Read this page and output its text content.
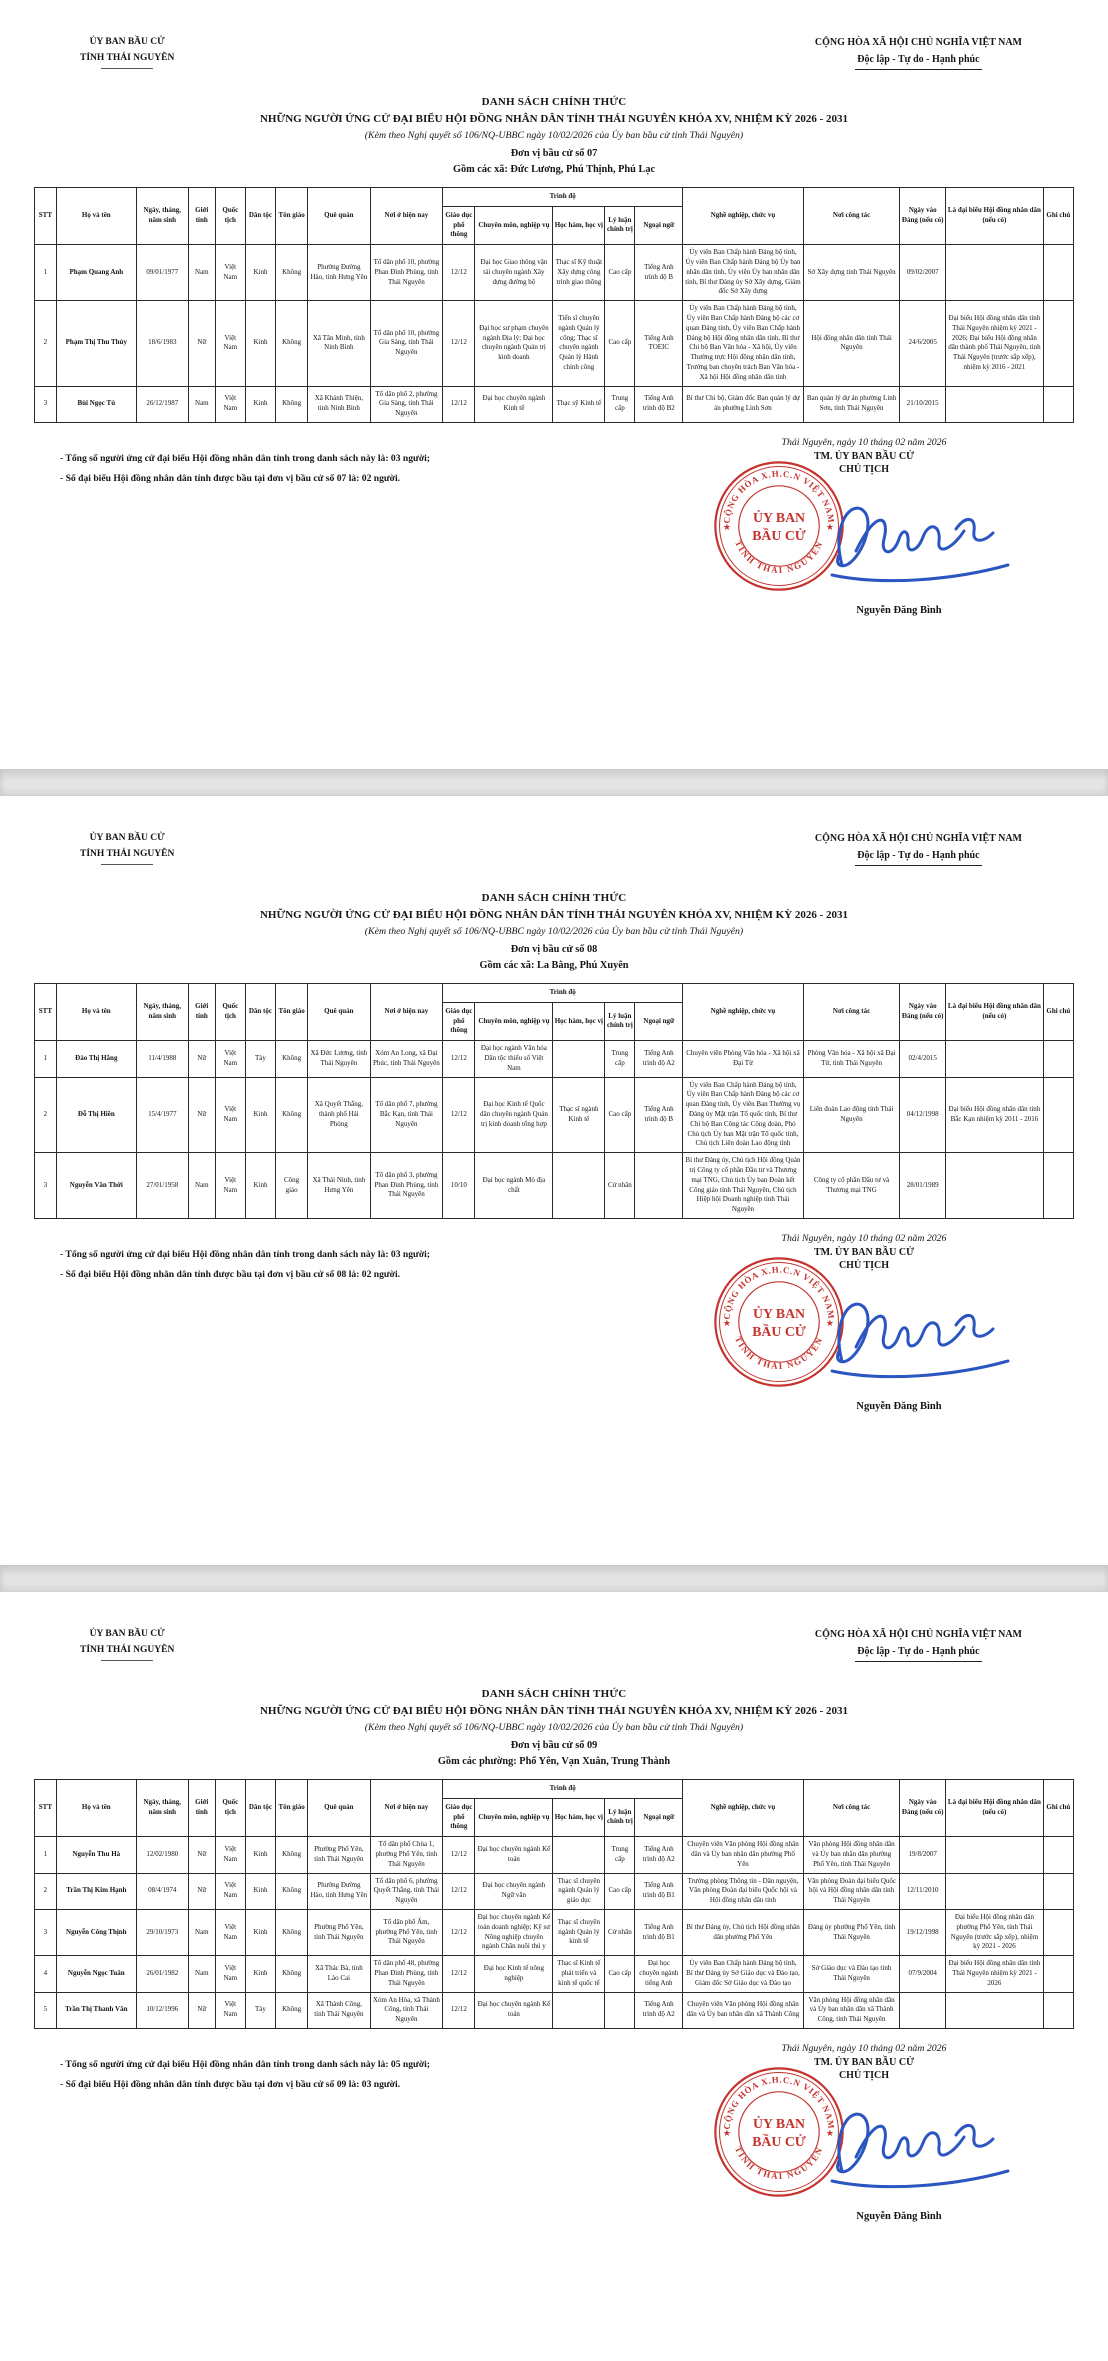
ỦY BAN BẦU CỬ
TỈNH THÁI NGUYÊN
CỘNG HÒA XÃ HỘI CHỦ NGHĨA VIỆT NAM
Độc lập - Tự do - Hạnh phúc
DANH SÁCH CHÍNH THỨC
NHỮNG NGƯỜI ỨNG CỬ ĐẠI BIỂU HỘI ĐỒNG NHÂN DÂN TỈNH THÁI NGUYÊN KHÓA XV, NHIỆM KỲ 2026 - 2031
(Kèm theo Nghị quyết số 106/NQ-UBBC ngày 10/02/2026 của Ủy ban bầu cử tỉnh Thái Nguyên)
Đơn vị bầu cử số 07
Gồm các xã: Đức Lương, Phú Thịnh, Phú Lạc
STT	Họ và tên	Ngày, tháng, năm sinh	Giới tính	Quốc tịch	Dân tộc	Tôn giáo	Quê quán	Nơi ở hiện nay	Trình độ					Nghề nghiệp, chức vụ	Nơi công tác	Ngày vào Đảng (nếu có)	Là đại biểu Hội đồng nhân dân (nếu có)	Ghi chú
									Giáo dục phổ thông	Chuyên môn, nghiệp vụ	Học hàm, học vị	Lý luận chính trị	Ngoại ngữ					
1	Phạm Quang Anh	09/01/1977	Nam	Việt Nam	Kinh	Không	Phường Đường Hào, tỉnh Hưng Yên	Tổ dân phố 10, phường Phan Đình Phùng, tỉnh Thái Nguyên	12/12	Đại học Giao thông vận tải chuyên ngành Xây dựng đường bộ	Thạc sĩ Kỹ thuật Xây dựng công trình giao thông	Cao cấp	Tiếng Anh trình độ B	Ủy viên Ban Chấp hành Đảng bộ tỉnh, Ủy viên Ban Chấp hành Đảng bộ Ủy ban nhân dân tỉnh, Ủy viên Ủy ban nhân dân tỉnh, Bí thư Đảng ủy Sở Xây dựng, Giám đốc Sở Xây dựng	Sở Xây dựng tỉnh Thái Nguyên	09/02/2007		
2	Phạm Thị Thu Thủy	18/6/1983	Nữ	Việt Nam	Kinh	Không	Xã Tân Minh, tỉnh Ninh Bình	Tổ dân phố 10, phường Gia Sàng, tỉnh Thái Nguyên	12/12	Đại học sư phạm chuyên ngành Địa lý; Đại học chuyên ngành Quản trị kinh doanh	Tiến sĩ chuyên ngành Quản lý công; Thạc sĩ chuyên ngành Quản lý Hành chính công	Cao cấp	Tiếng Anh TOEIC	Ủy viên Ban Chấp hành Đảng bộ tỉnh, Ủy viên Ban Chấp hành Đảng bộ các cơ quan Đảng tỉnh, Ủy viên Ban Chấp hành Đảng bộ Hội đồng nhân dân tỉnh, Bí thư Chi bộ Ban Văn hóa - Xã hội, Ủy viên Thường trực Hội đồng nhân dân tỉnh, Trưởng ban chuyên trách Ban Văn hóa - Xã hội Hội đồng nhân dân tỉnh	Hội đồng nhân dân tỉnh Thái Nguyên	24/6/2005	Đại biểu Hội đồng nhân dân tỉnh Thái Nguyên nhiệm kỳ 2021 - 2026; Đại biểu Hội đồng nhân dân thành phố Thái Nguyên, tỉnh Thái Nguyên (trước sắp xếp), nhiệm kỳ 2016 - 2021	
3	Bùi Ngọc Tú	26/12/1987	Nam	Việt Nam	Kinh	Không	Xã Khánh Thiện, tỉnh Ninh Bình	Tổ dân phố 2, phường Gia Sàng, tỉnh Thái Nguyên	12/12	Đại học chuyên ngành Kinh tế	Thạc sỹ Kinh tế	Trung cấp	Tiếng Anh trình độ B2	Bí thư Chi bộ, Giám đốc Ban quản lý dự án phường Linh Sơn	Ban quản lý dự án phường Linh Sơn, tỉnh Thái Nguyên	21/10/2015		
- Tổng số người ứng cử đại biểu Hội đồng nhân dân tỉnh trong danh sách này là: 03 người;
- Số đại biểu Hội đồng nhân dân tỉnh được bầu tại đơn vị bầu cử số 07 là: 02 người.
Thái Nguyên, ngày 10 tháng 02 năm 2026
TM. ỦY BAN BẦU CỬ
CHỦ TỊCH
CỘNG HÒA X.H.C.N VIỆT NAM
TỈNH THÁI NGUYÊN
★	★
ỦY BAN
BẦU CỬ
Nguyễn Đăng Bình
ỦY BAN BẦU CỬ
TỈNH THÁI NGUYÊN
CỘNG HÒA XÃ HỘI CHỦ NGHĨA VIỆT NAM
Độc lập - Tự do - Hạnh phúc
DANH SÁCH CHÍNH THỨC
NHỮNG NGƯỜI ỨNG CỬ ĐẠI BIỂU HỘI ĐỒNG NHÂN DÂN TỈNH THÁI NGUYÊN KHÓA XV, NHIỆM KỲ 2026 - 2031
(Kèm theo Nghị quyết số 106/NQ-UBBC ngày 10/02/2026 của Ủy ban bầu cử tỉnh Thái Nguyên)
Đơn vị bầu cử số 08
Gồm các xã: La Bằng, Phú Xuyên
STT	Họ và tên	Ngày, tháng, năm sinh	Giới tính	Quốc tịch	Dân tộc	Tôn giáo	Quê quán	Nơi ở hiện nay	Trình độ					Nghề nghiệp, chức vụ	Nơi công tác	Ngày vào Đảng (nếu có)	Là đại biểu Hội đồng nhân dân (nếu có)	Ghi chú
									Giáo dục phổ thông	Chuyên môn, nghiệp vụ	Học hàm, học vị	Lý luận chính trị	Ngoại ngữ					
1	Đào Thị Hằng	11/4/1988	Nữ	Việt Nam	Tày	Không	Xã Đức Lương, tỉnh Thái Nguyên	Xóm An Long, xã Đại Phúc, tỉnh Thái Nguyên	12/12	Đại học ngành Văn hóa Dân tộc thiểu số Việt Nam		Trung cấp	Tiếng Anh trình độ A2	Chuyên viên Phòng Văn hóa - Xã hội xã Đại Từ	Phòng Văn hóa - Xã hội xã Đại Từ, tỉnh Thái Nguyên	02/4/2015		
2	Đỗ Thị Hiền	15/4/1977	Nữ	Việt Nam	Kinh	Không	Xã Quyết Thắng, thành phố Hải Phòng	Tổ dân phố 7, phường Bắc Kạn, tỉnh Thái Nguyên	12/12	Đại học Kinh tế Quốc dân chuyên ngành Quản trị kinh doanh tổng hợp	Thạc sĩ ngành Kinh tế	Cao cấp	Tiếng Anh trình độ B	Ủy viên Ban Chấp hành Đảng bộ tỉnh, Ủy viên Ban Chấp hành Đảng bộ các cơ quan Đảng tỉnh, Ủy viên Ban Thường vụ Đảng ủy Mặt trận Tổ quốc tỉnh, Bí thư Chi bộ Ban Công tác Công đoàn, Phó Chủ tịch Ủy ban Mặt trận Tổ quốc tỉnh, Chủ tịch Liên đoàn Lao động tỉnh	Liên đoàn Lao động tỉnh Thái Nguyên	04/12/1998	Đại biểu Hội đồng nhân dân tỉnh Bắc Kạn nhiệm kỳ 2011 - 2016	
3	Nguyễn Văn Thời	27/01/1958	Nam	Việt Nam	Kinh	Công giáo	Xã Thái Ninh, tỉnh Hưng Yên	Tổ dân phố 3, phường Phan Đình Phùng, tỉnh Thái Nguyên	10/10	Đại học ngành Mỏ địa chất		Cử nhân		Bí thư Đảng ủy, Chủ tịch Hội đồng Quản trị Công ty cổ phần Đầu tư và Thương mại TNG, Chủ tịch Ủy ban Đoàn kết Công giáo tỉnh Thái Nguyên, Chủ tịch Hiệp hội Doanh nghiệp tỉnh Thái Nguyên	Công ty cổ phần Đầu tư và Thương mại TNG	28/01/1989		
- Tổng số người ứng cử đại biểu Hội đồng nhân dân tỉnh trong danh sách này là: 03 người;
- Số đại biểu Hội đồng nhân dân tỉnh được bầu tại đơn vị bầu cử số 08 là: 02 người.
Thái Nguyên, ngày 10 tháng 02 năm 2026
TM. ỦY BAN BẦU CỬ
CHỦ TỊCH
CỘNG HÒA X.H.C.N VIỆT NAM
TỈNH THÁI NGUYÊN
★	★
ỦY BAN
BẦU CỬ
Nguyễn Đăng Bình
ỦY BAN BẦU CỬ
TỈNH THÁI NGUYÊN
CỘNG HÒA XÃ HỘI CHỦ NGHĨA VIỆT NAM
Độc lập - Tự do - Hạnh phúc
DANH SÁCH CHÍNH THỨC
NHỮNG NGƯỜI ỨNG CỬ ĐẠI BIỂU HỘI ĐỒNG NHÂN DÂN TỈNH THÁI NGUYÊN KHÓA XV, NHIỆM KỲ 2026 - 2031
(Kèm theo Nghị quyết số 106/NQ-UBBC ngày 10/02/2026 của Ủy ban bầu cử tỉnh Thái Nguyên)
Đơn vị bầu cử số 09
Gồm các phường: Phổ Yên, Vạn Xuân, Trung Thành
STT	Họ và tên	Ngày, tháng, năm sinh	Giới tính	Quốc tịch	Dân tộc	Tôn giáo	Quê quán	Nơi ở hiện nay	Trình độ					Nghề nghiệp, chức vụ	Nơi công tác	Ngày vào Đảng (nếu có)	Là đại biểu Hội đồng nhân dân (nếu có)	Ghi chú
									Giáo dục phổ thông	Chuyên môn, nghiệp vụ	Học hàm, học vị	Lý luận chính trị	Ngoại ngữ					
1	Nguyễn Thu Hà	12/02/1980	Nữ	Việt Nam	Kinh	Không	Phường Phổ Yên, tỉnh Thái Nguyên	Tổ dân phố Chùa 1, phường Phổ Yên, tỉnh Thái Nguyên	12/12	Đại học chuyên ngành Kế toán		Trung cấp	Tiếng Anh trình độ A2	Chuyên viên Văn phòng Hội đồng nhân dân và Ủy ban nhân dân phường Phổ Yên	Văn phòng Hội đồng nhân dân và Ủy ban nhân dân phường Phổ Yên, tỉnh Thái Nguyên	19/8/2007		
2	Trần Thị Kim Hạnh	08/4/1974	Nữ	Việt Nam	Kinh	Không	Phường Đường Hào, tỉnh Hưng Yên	Tổ dân phố 6, phường Quyết Thắng, tỉnh Thái Nguyên	12/12	Đại học chuyên ngành Ngữ văn	Thạc sĩ chuyên ngành Quản lý giáo dục	Cao cấp	Tiếng Anh trình độ B1	Trưởng phòng Thông tin - Dân nguyện, Văn phòng Đoàn đại biểu Quốc hội và Hội đồng nhân dân tỉnh	Văn phòng Đoàn đại biểu Quốc hội và Hội đồng nhân dân tỉnh Thái Nguyên	12/11/2010		
3	Nguyễn Công Thịnh	29/10/1973	Nam	Việt Nam	Kinh	Không	Phường Phổ Yên, tỉnh Thái Nguyên	Tổ dân phố Ấm, phường Phổ Yên, tỉnh Thái Nguyên	12/12	Đại học chuyên ngành Kế toán doanh nghiệp; Kỹ sư Nông nghiệp chuyên ngành Chăn nuôi thú y	Thạc sĩ chuyên ngành Quản lý kinh tế	Cử nhân	Tiếng Anh trình độ B1	Bí thư Đảng ủy, Chủ tịch Hội đồng nhân dân phường Phổ Yên	Đảng ủy phường Phổ Yên, tỉnh Thái Nguyên	19/12/1998	Đại biểu Hội đồng nhân dân phường Phổ Yên, tỉnh Thái Nguyên (trước sắp xếp), nhiệm kỳ 2021 - 2026	
4	Nguyễn Ngọc Tuân	26/01/1982	Nam	Việt Nam	Kinh	Không	Xã Thác Bà, tỉnh Lào Cai	Tổ dân phố 48, phường Phan Đình Phùng, tỉnh Thái Nguyên	12/12	Đại học Kinh tế nông nghiệp	Thạc sĩ Kinh tế phát triển và kinh tế quốc tế	Cao cấp	Đại học chuyên ngành tiếng Anh	Ủy viên Ban Chấp hành Đảng bộ tỉnh, Bí thư Đảng ủy Sở Giáo dục và Đào tạo, Giám đốc Sở Giáo dục và Đào tạo	Sở Giáo dục và Đào tạo tỉnh Thái Nguyên	07/9/2004	Đại biểu Hội đồng nhân dân tỉnh Thái Nguyên nhiệm kỳ 2021 - 2026	
5	Trần Thị Thanh Vân	10/12/1996	Nữ	Việt Nam	Tày	Không	Xã Thành Công, tỉnh Thái Nguyên	Xóm An Hòa, xã Thành Công, tỉnh Thái Nguyên	12/12	Đại học chuyên ngành Kế toán			Tiếng Anh trình độ A2	Chuyên viên Văn phòng Hội đồng nhân dân và Ủy ban nhân dân xã Thành Công	Văn phòng Hội đồng nhân dân và Ủy ban nhân dân xã Thành Công, tỉnh Thái Nguyên			
- Tổng số người ứng cử đại biểu Hội đồng nhân dân tỉnh trong danh sách này là: 05 người;
- Số đại biểu Hội đồng nhân dân tỉnh được bầu tại đơn vị bầu cử số 09 là: 03 người.
Thái Nguyên, ngày 10 tháng 02 năm 2026
TM. ỦY BAN BẦU CỬ
CHỦ TỊCH
CỘNG HÒA X.H.C.N VIỆT NAM
TỈNH THÁI NGUYÊN
★	★
ỦY BAN
BẦU CỬ
Nguyễn Đăng Bình
